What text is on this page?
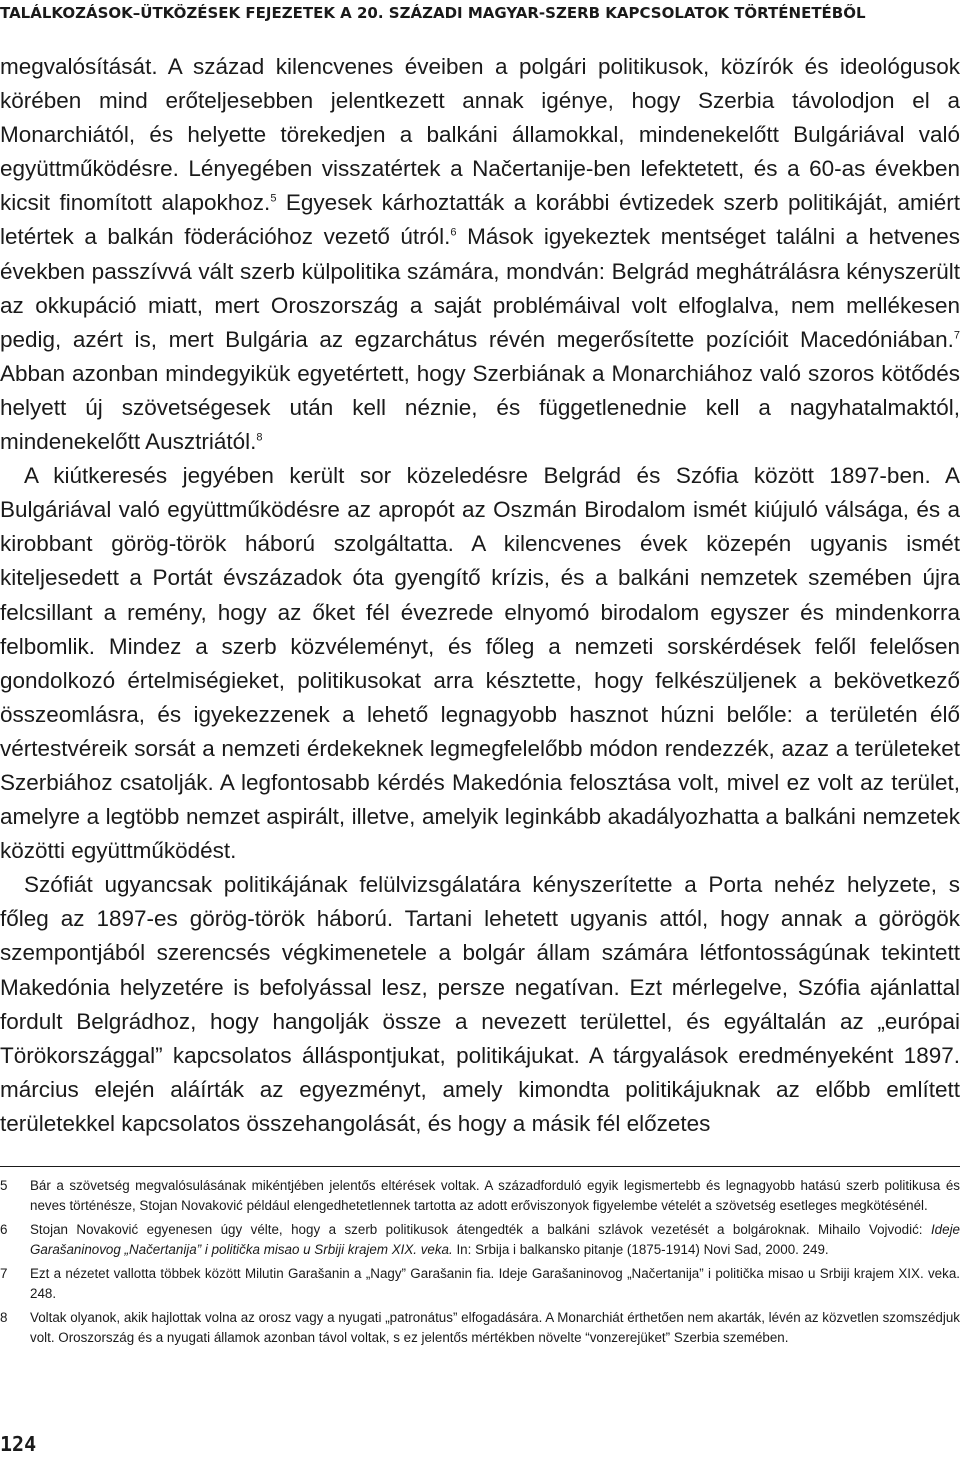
TALÁLKOZÁSOK–ÜTKÖZÉSEK FEJEZETEK A 20. SZÁZADI MAGYAR-SZERB KAPCSOLATOK TÖRTÉNETÉBŐL

megvalósítását. A század kilencvenes éveiben a polgári politikusok, közírók és ideológusok körében mind erőteljesebben jelentkezett annak igénye, hogy Szerbia távolodjon el a Monarchiától, és helyette törekedjen a balkáni államokkal, mindenekelőtt Bulgáriával való együttműködésre. Lényegében visszatértek a Načertanije-ben lefektetett, és a 60-as években kicsit finomított alapokhoz.$^5$ Egyesek kárhoztatták a korábbi évtizedek szerb politikáját, amiért letértek a balkán föderációhoz vezető útról.$^6$ Mások igyekeztek mentséget találni a hetvenes években passzívvá vált szerb külpolitika számára, mondván: Belgrád meghátrálásra kényszerült az okkupáció miatt, mert Oroszország a saját problémáival volt elfoglalva, nem mellékesen pedig, azért is, mert Bulgária az egzarchátus révén megerősítette pozícióit Macedóniában.$^7$ Abban azonban mindegyikük egyetértett, hogy Szerbiának a Monarchiához való szoros kötődés helyett új szövetségesek után kell néznie, és függetlenednie kell a nagyhatalmaktól, mindenekelőtt Ausztriától.$^8$

A kiútkeresés jegyében került sor közeledésre Belgrád és Szófia között 1897-ben. A Bulgáriával való együttműködésre az apropót az Oszmán Birodalom ismét kiújuló válsága, és a kirobbant görög-török háború szolgáltatta. A kilencvenes évek közepén ugyanis ismét kiteljesedett a Portát évszázadok óta gyengítő krízis, és a balkáni nemzetek szemében újra felcsillant a remény, hogy az őket fél évezrede elnyomó birodalom egyszer és mindenkorra felbomlik. Mindez a szerb közvéleményt, és főleg a nemzeti sorskérdések felől felelősen gondolkozó értelmiségieket, politikusokat arra késztette, hogy felkészüljenek a bekövetkező összeomlásra, és igyekezzenek a lehető legnagyobb hasznot húzni belőle: a területén élő vértestvéreik sorsát a nemzeti érdekeknek legmegfelelőbb módon rendezzék, azaz a területeket Szerbiához csatolják. A legfontosabb kérdés Makedónia felosztása volt, mivel ez volt az terület, amelyre a legtöbb nemzet aspirált, illetve, amelyik leginkább akadályozhatta a balkáni nemzetek közötti együttműködést.

Szófiát ugyancsak politikájának felülvizsgálatára kényszerítette a Porta nehéz helyzete, s főleg az 1897-es görög-török háború. Tartani lehetett ugyanis attól, hogy annak a görögök szempontjából szerencsés végkimenetele a bolgár állam számára létfontosságúnak tekintett Makedónia helyzetére is befolyással lesz, persze negatívan. Ezt mérlegelve, Szófia ajánlattal fordult Belgrádhoz, hogy hangolják össze a nevezett területtel, és egyáltalán az „európai Törökországgal” kapcsolatos álláspontjukat, politikájukat. A tárgyalások eredményeként 1897. március elején aláírták az egyezményt, amely kimondta politikájuknak az előbb említett területekkel kapcsolatos összehangolását, és hogy a másik fél előzetes

5	Bár a szövetség megvalósulásának mikéntjében jelentős eltérések voltak. A századforduló egyik legismertebb és legnagyobb hatású szerb politikusa és neves történésze, Stojan Novaković például elengedhetetlennek tartotta az adott erőviszonyok figyelembe vételét a szövetség esetleges megkötésénél.
6	Stojan Novaković egyenesen úgy vélte, hogy a szerb politikusok átengedték a balkáni szlávok vezetését a bolgároknak. Mihailo Vojvodić: Ideje Garašaninovog „Načertanija” i politička misao u Srbiji krajem XIX. veka. In: Srbija i balkansko pitanje (1875-1914) Novi Sad, 2000. 249.
7	Ezt a nézetet vallotta többek között Milutin Garašanin a „Nagy” Garašanin fia. Ideje Garašaninovog „Načertanija” i politička misao u Srbiji krajem XIX. veka. 248.
8	Voltak olyanok, akik hajlottak volna az orosz vagy a nyugati „patronátus” elfogadására. A Monarchiát érthetően nem akarták, lévén az közvetlen szomszédjuk volt. Oroszország és a nyugati államok azonban távol voltak, s ez jelentős mértékben növelte “vonzerejüket” Szerbia szemében.
124
